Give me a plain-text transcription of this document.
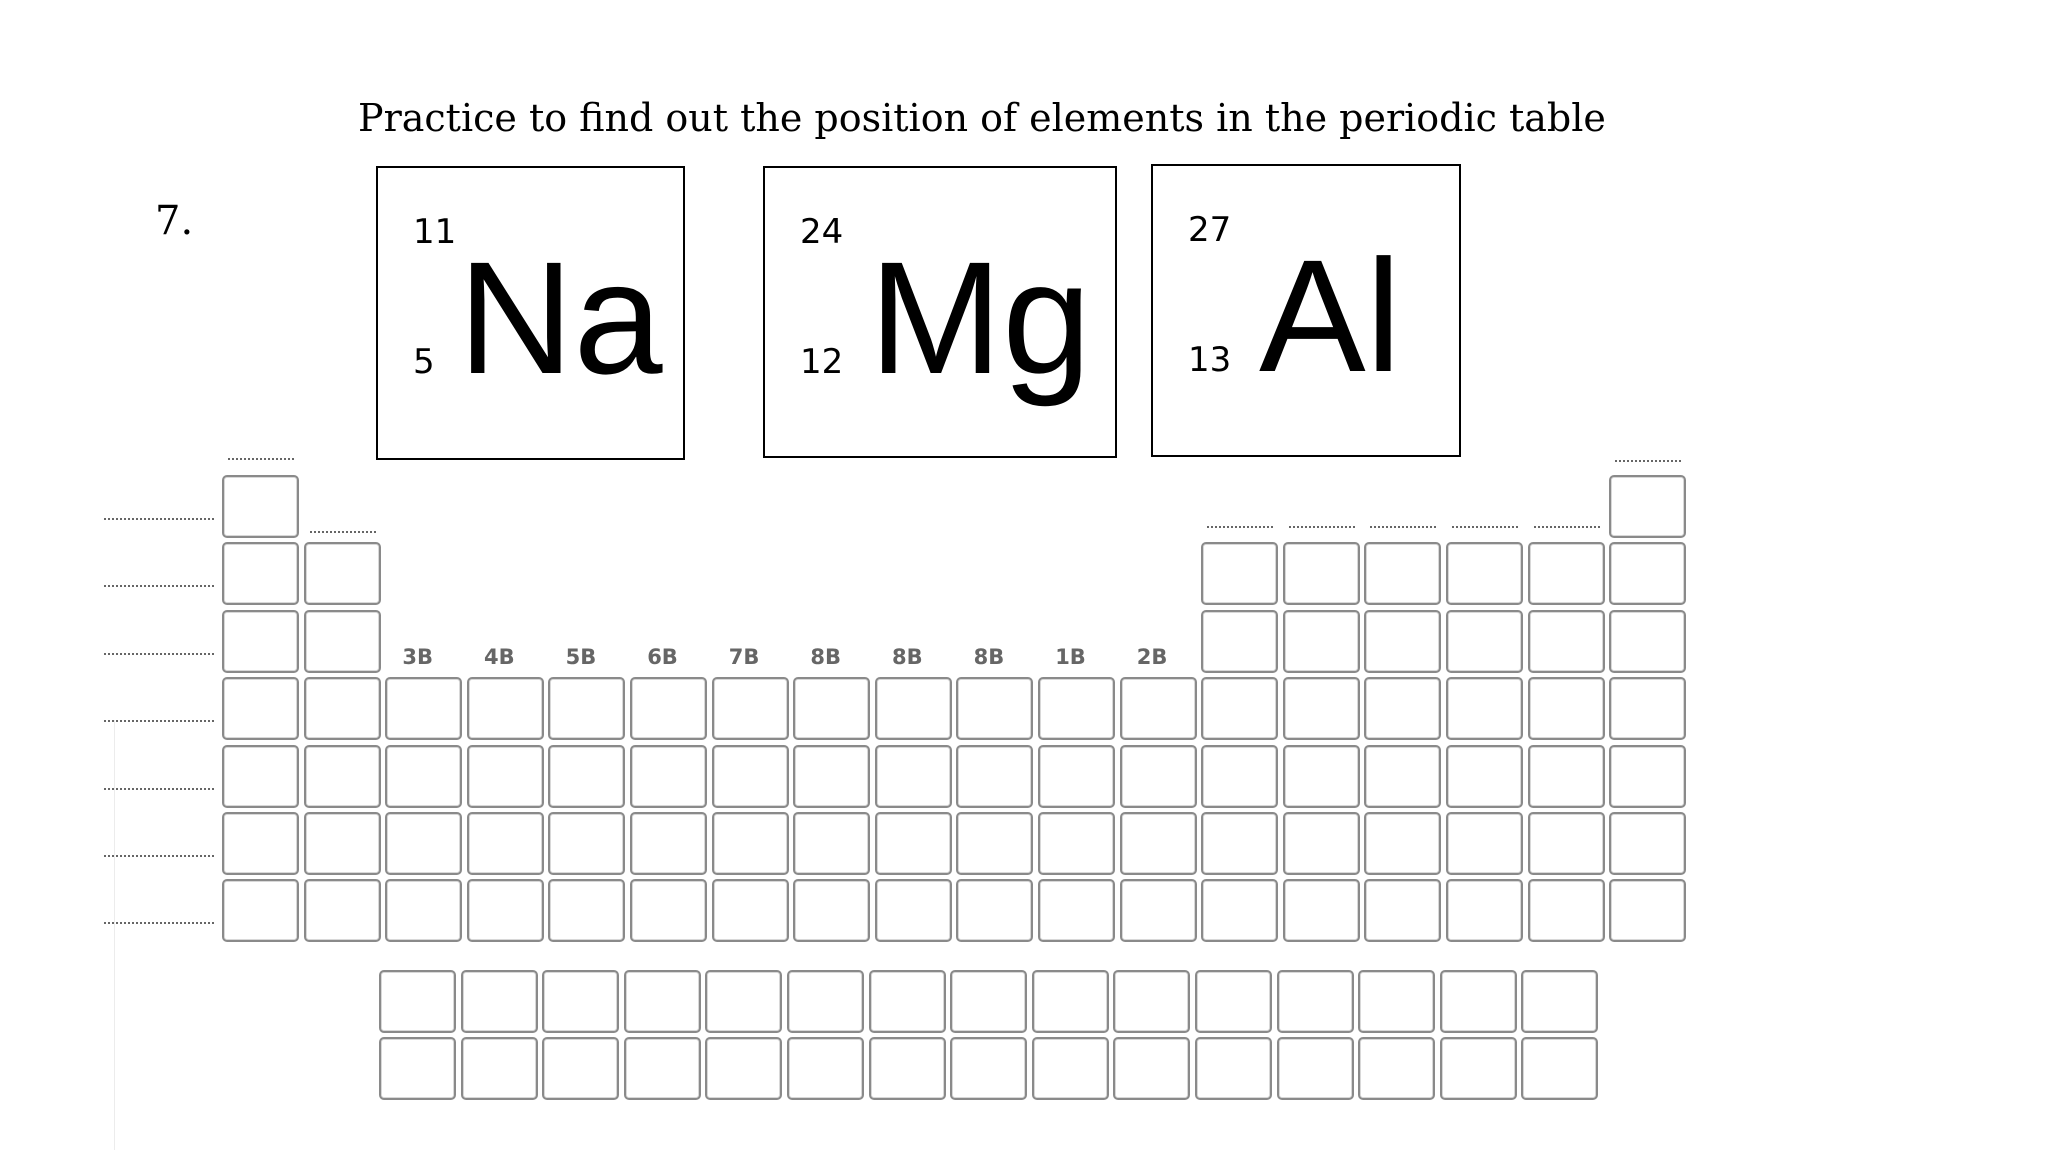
Practice to find out the position of elements in the periodic table
7.	11
5 Na	24
12 Mg	27
13 Al
3B	4B	5B	6B	7B	8B	8B	8B	1B	2B
